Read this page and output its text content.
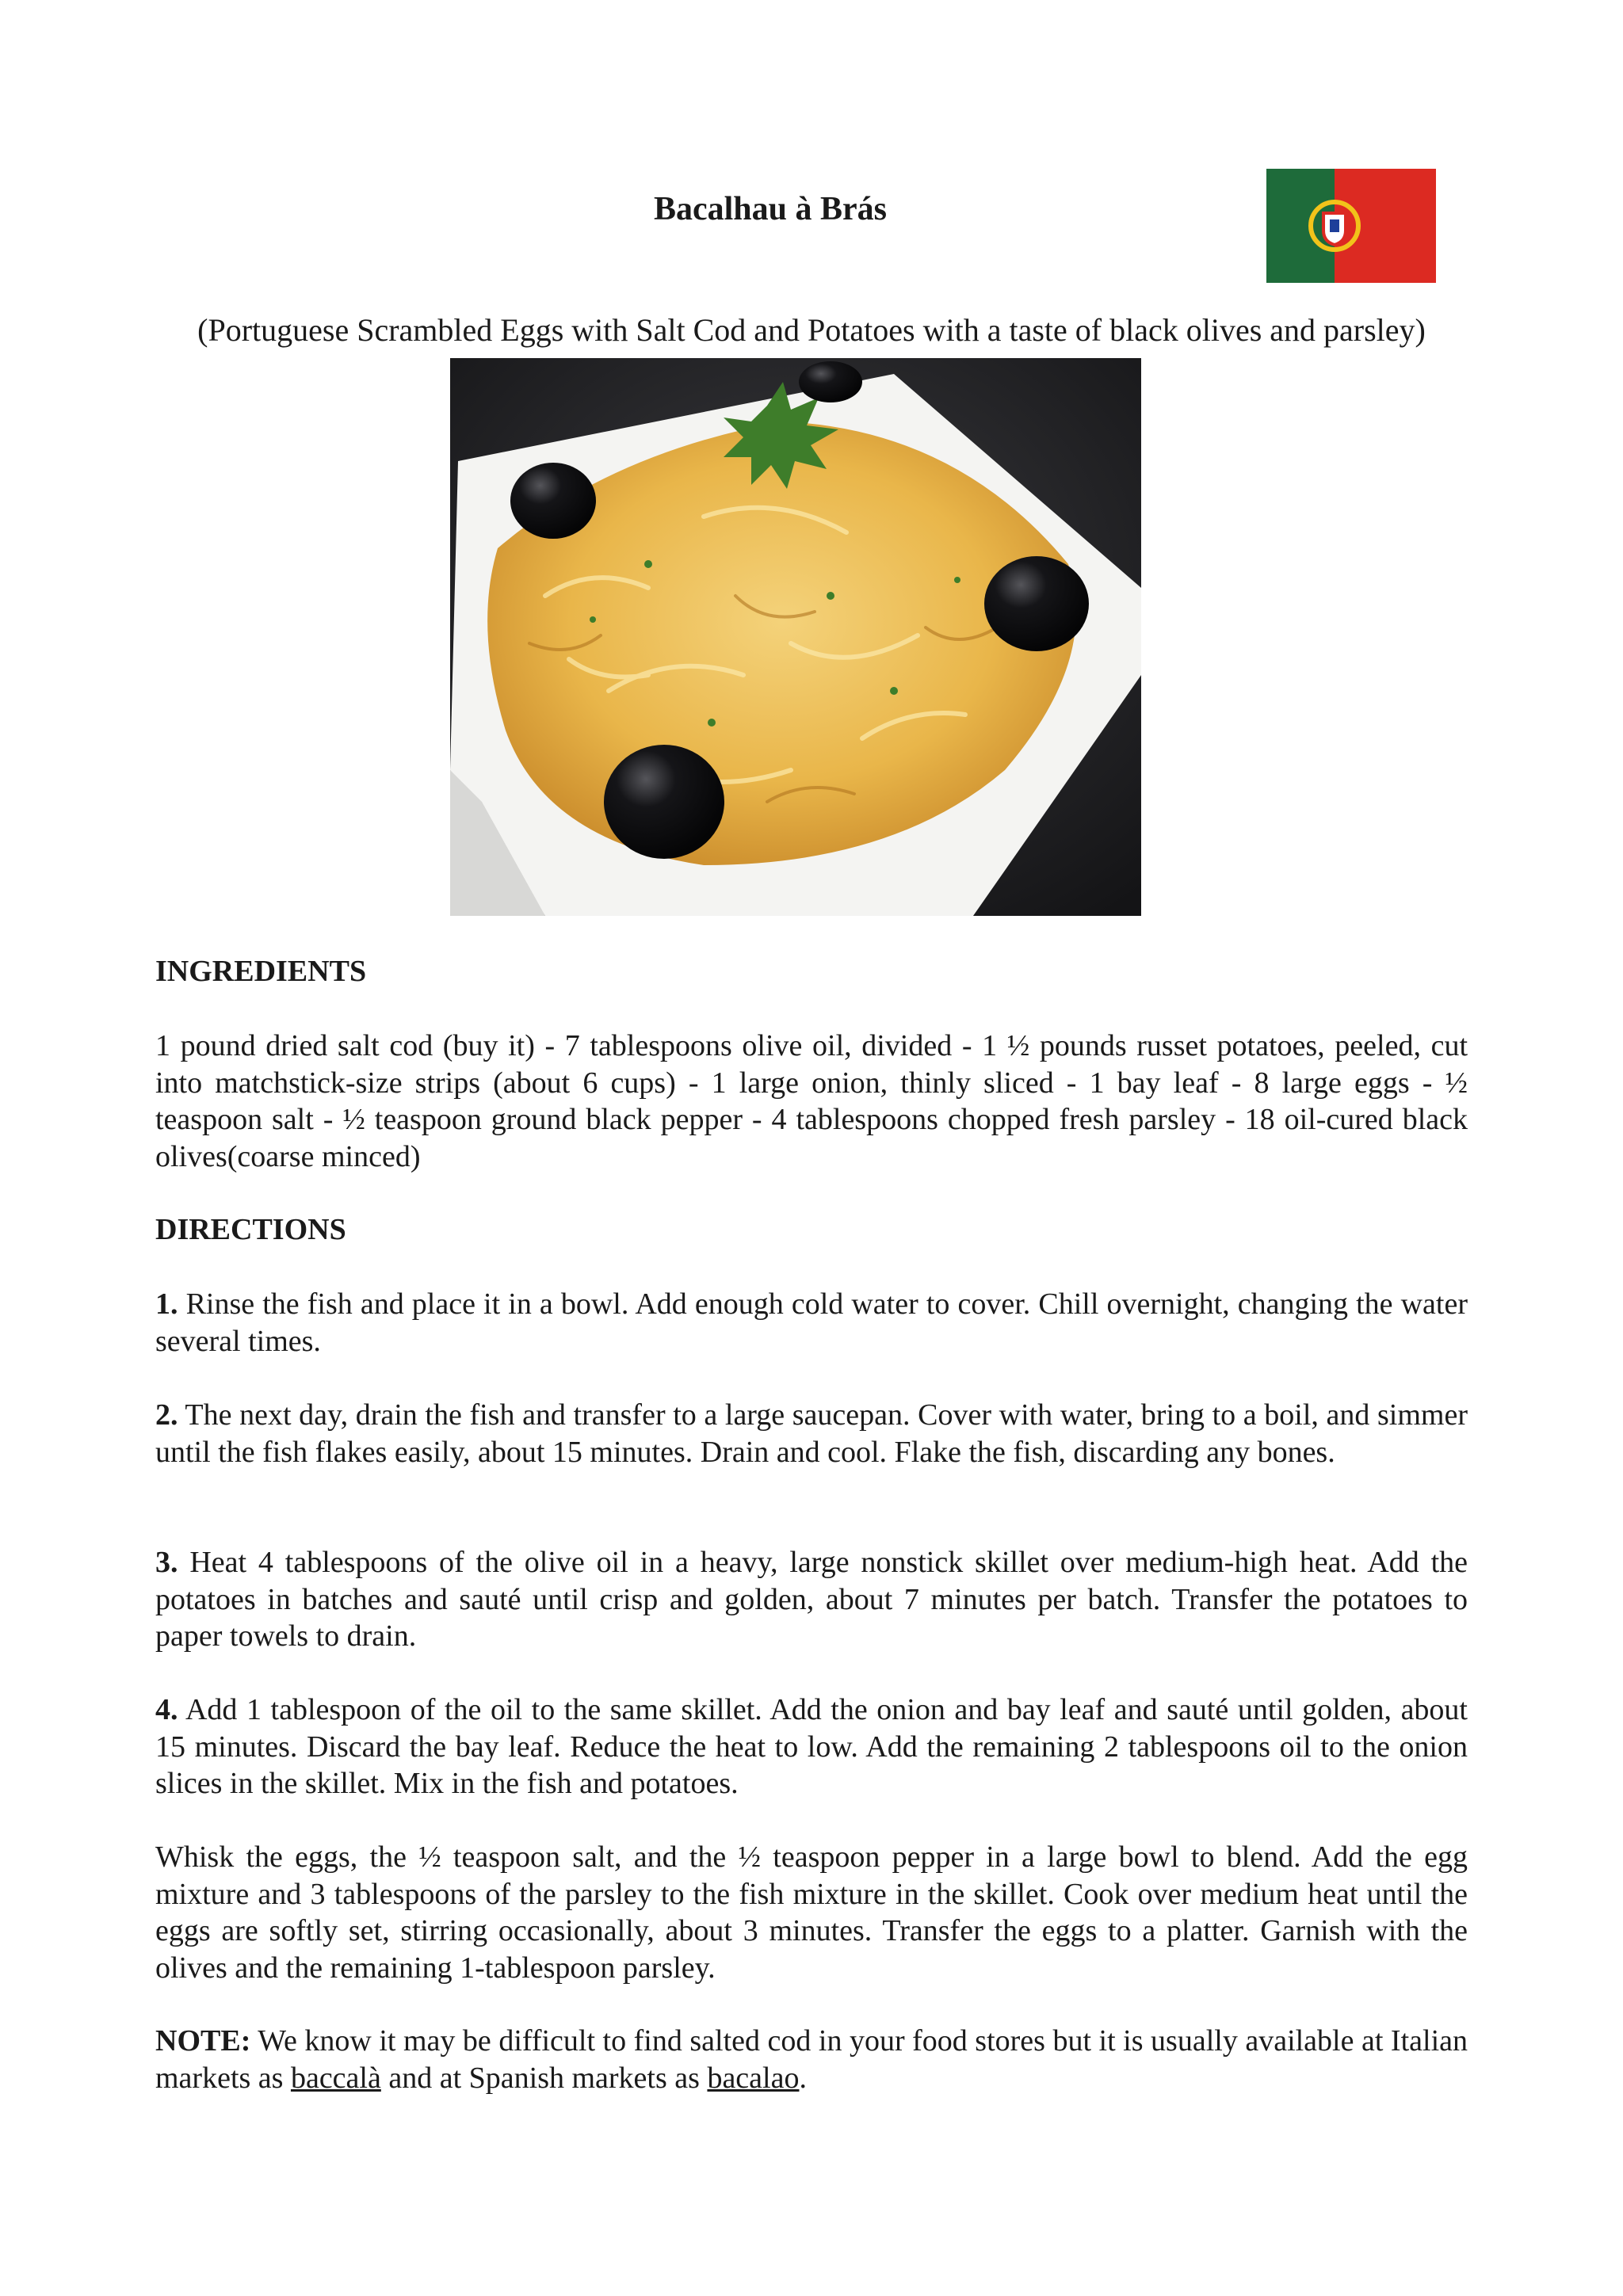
Bacalhau à Brás
(Portuguese Scrambled Eggs with Salt Cod and Potatoes with a taste of black olives and parsley)
INGREDIENTS
1 pound dried salt cod (buy it) - 7 tablespoons olive oil, divided - 1 ½ pounds russet potatoes, peeled, cut into matchstick-size strips (about 6 cups) - 1 large onion, thinly sliced - 1 bay leaf - 8 large eggs - ½ teaspoon salt - ½ teaspoon ground black pepper - 4 tablespoons chopped fresh parsley - 18 oil-cured black olives(coarse minced)
DIRECTIONS
1. Rinse the fish and place it in a bowl. Add enough cold water to cover. Chill overnight, changing the water several times.
2. The next day, drain the fish and transfer to a large saucepan. Cover with water, bring to a boil, and simmer until the fish flakes easily, about 15 minutes. Drain and cool. Flake the fish, discarding any bones.
3. Heat 4 tablespoons of the olive oil in a heavy, large nonstick skillet over medium-high heat. Add the potatoes in batches and sauté until crisp and golden, about 7 minutes per batch. Transfer the potatoes to paper towels to drain.
4. Add 1 tablespoon of the oil to the same skillet. Add the onion and bay leaf and sauté until golden, about 15 minutes. Discard the bay leaf. Reduce the heat to low. Add the remaining 2 tablespoons oil to the onion slices in the skillet. Mix in the fish and potatoes.
Whisk the eggs, the ½ teaspoon salt, and the ½ teaspoon pepper in a large bowl to blend. Add the egg mixture and 3 tablespoons of the parsley to the fish mixture in the skillet. Cook over medium heat until the eggs are softly set, stirring occasionally, about 3 minutes. Transfer the eggs to a platter. Garnish with the olives and the remaining 1-tablespoon parsley.
NOTE: We know it may be difficult to find salted cod in your food stores but it is usually available at Italian markets as baccalà and at Spanish markets as bacalao.
